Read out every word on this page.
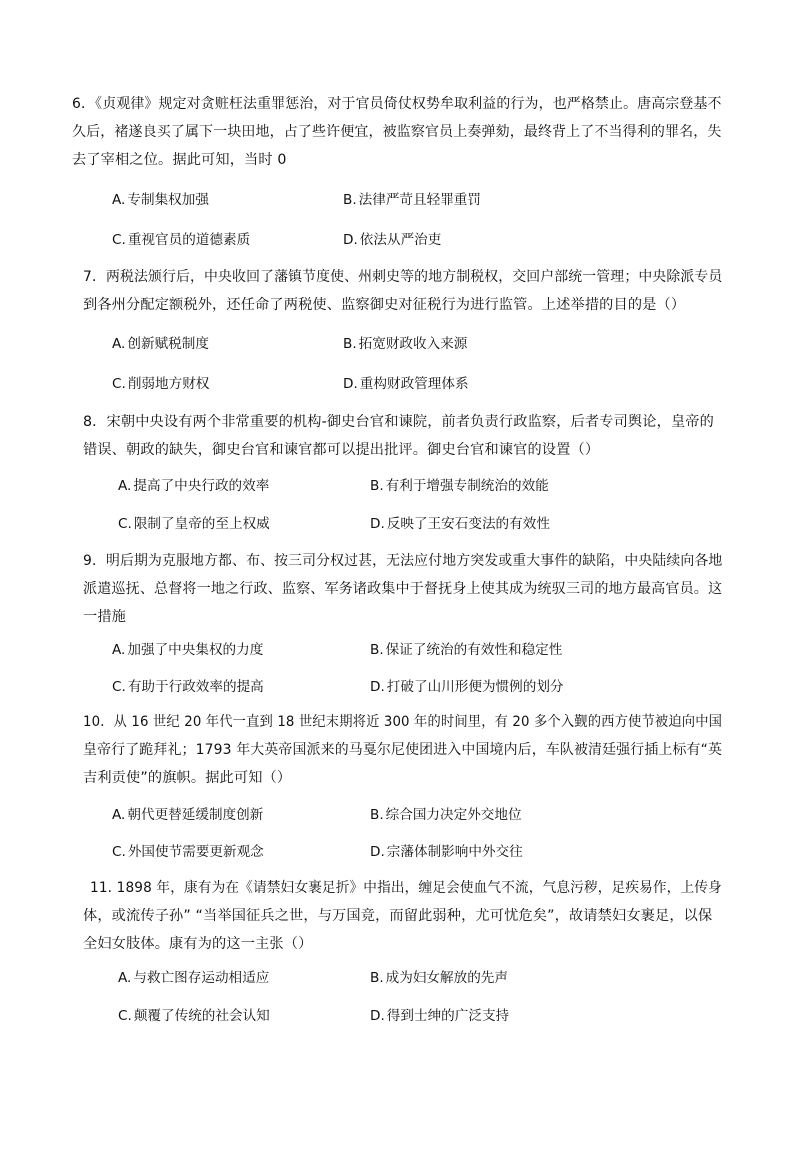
6．《贞观律》规定对贪赃枉法重罪惩治，对于官员倚仗权势牟取利益的行为，也严格禁止。唐高宗登基不
久后，褚遂良买了属下一块田地，占了些许便宜，被监察官员上奏弹劾，最终背上了不当得利的罪名，失
去了宰相之位。据此可知，当时 0
A. 专制集权加强	B. 法律严苛且轻罪重罚
C. 重视官员的道德素质	D. 依法从严治吏
7．两税法颁行后，中央收回了藩镇节度使、州刺史等的地方制税权，交回户部统一管理；中央除派专员
到各州分配定额税外，还任命了两税使、监察御史对征税行为进行监管。上述举措的目的是（）
A. 创新赋税制度	B. 拓宽财政收入来源
C. 削弱地方财权	D. 重构财政管理体系
8．宋朝中央设有两个非常重要的机构-御史台官和谏院，前者负责行政监察，后者专司舆论，皇帝的
错误、朝政的缺失，御史台官和谏官都可以提出批评。御史台官和谏官的设置（）
A. 提高了中央行政的效率	B. 有利于增强专制统治的效能
C. 限制了皇帝的至上权威	D. 反映了王安石变法的有效性
9．明后期为克服地方都、布、按三司分权过甚，无法应付地方突发或重大事件的缺陷，中央陆续向各地
派遣巡抚、总督将一地之行政、监察、军务诸政集中于督抚身上使其成为统驭三司的地方最高官员。这
一措施
A. 加强了中央集权的力度	B. 保证了统治的有效性和稳定性
C. 有助于行政效率的提高	D. 打破了山川形便为惯例的划分
10．从 16 世纪 20 年代一直到 18 世纪末期将近 300 年的时间里，有 20 多个入觐的西方使节被迫向中国
皇帝行了跪拜礼；1793 年大英帝国派来的马戛尔尼使团进入中国境内后，车队被清廷强行插上标有“英
吉利贡使”的旗帜。据此可知（）
A. 朝代更替延缓制度创新	B. 综合国力决定外交地位
C. 外国使节需要更新观念	D. 宗藩体制影响中外交往
11. 1898 年，康有为在《请禁妇女裹足折》中指出，缠足会使血气不流，气息污秽，足疾易作，上传身
体，或流传子孙” “当举国征兵之世，与万国竞，而留此弱种，尤可忧危矣”，故请禁妇女裹足，以保
全妇女肢体。康有为的这一主张（）
A. 与救亡图存运动相适应	B. 成为妇女解放的先声
C. 颠覆了传统的社会认知	D. 得到士绅的广泛支持
